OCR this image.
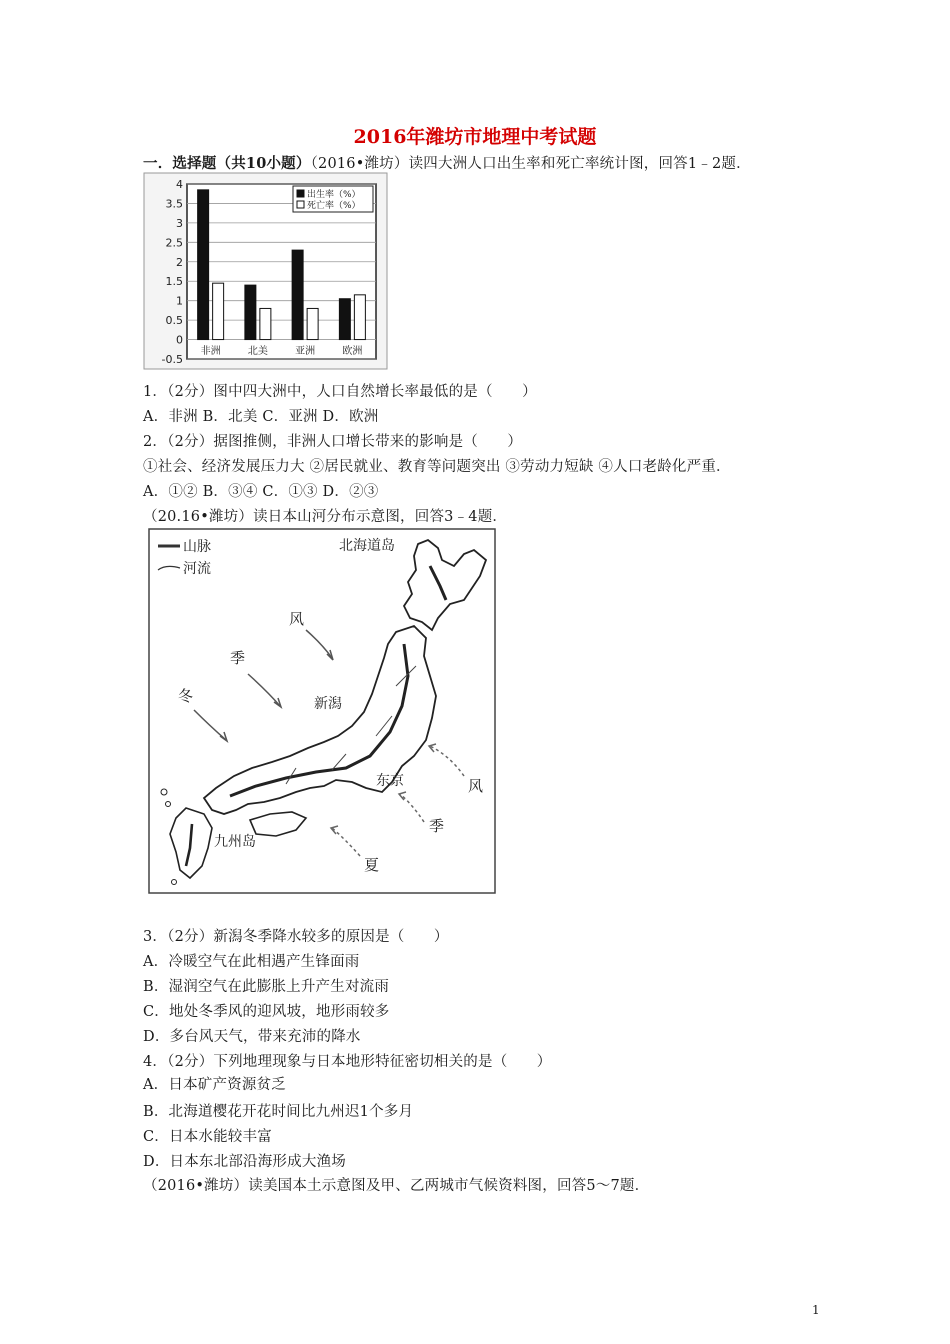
2016年潍坊市地理中考试题
一．选择题（共10小题）（2016•潍坊）读四大洲人口出生率和死亡率统计图，回答1﹣2题．
4
3.5
3
2.5
2
1.5
1
0.5
0
-0.5
非洲	北美	亚洲	欧洲
出生率（%）
死亡率（%）
1．（2分）图中四大洲中，人口自然增长率最低的是（　　）
A．非洲 B．北美 C．亚洲 D．欧洲
2．（2分）据图推侧，非洲人口增长带来的影响是（　　）
①社会、经济发展压力大 ②居民就业、教育等问题突出 ③劳动力短缺 ④人口老龄化严重．
A．①② B．③④ C．①③ D．②③
（20.16•潍坊）读日本山河分布示意图，回答3﹣4题．
山脉
河流
北海道岛
新潟
东京
九州岛
风
季
冬
风
季
夏
3．（2分）新潟冬季降水较多的原因是（　　）
A．冷暖空气在此相遇产生锋面雨
B．湿润空气在此膨胀上升产生对流雨
C．地处冬季风的迎风坡，地形雨较多
D．多台风天气，带来充沛的降水
4．（2分）下列地理现象与日本地形特征密切相关的是（　　）
A．日本矿产资源贫乏
B．北海道樱花开花时间比九州迟1个多月
C．日本水能较丰富
D．日本东北部沿海形成大渔场
（2016•潍坊）读美国本土示意图及甲、乙两城市气候资料图，回答5～7题．
1
